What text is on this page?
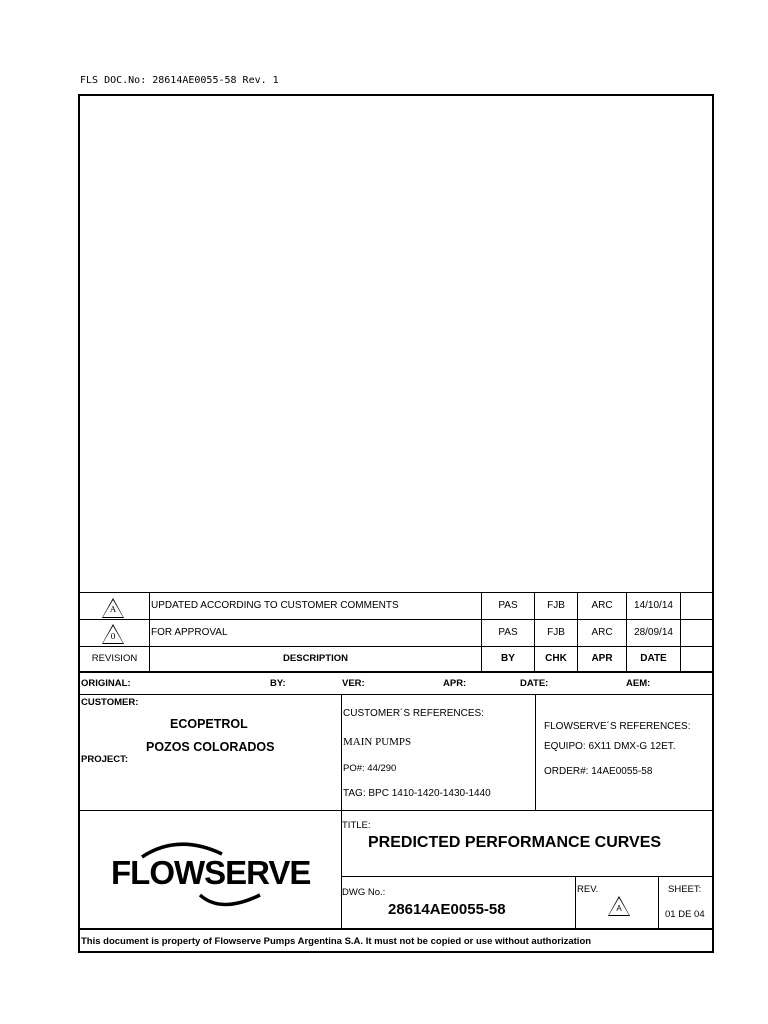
FLS DOC.No: 28614AE0055-58 Rev. 1
A	UPDATED ACCORDING TO CUSTOMER COMMENTS	PAS	FJB	ARC	14/10/14
0	FOR APPROVAL	PAS	FJB	ARC	28/09/14
REVISION	DESCRIPTION	BY	CHK	APR	DATE
ORIGINAL:	BY:	VER:	APR:	DATE:	AEM:
CUSTOMER:
ECOPETROL
POZOS COLORADOS
PROJECT:
CUSTOMER´S REFERENCES:
MAIN PUMPS
PO#: 44/290
TAG: BPC 1410-1420-1430-1440
FLOWSERVE´S REFERENCES:
EQUIPO: 6X11 DMX-G 12ET.
ORDER#: 14AE0055-58
FLOWSERVE
TITLE:
PREDICTED PERFORMANCE CURVES
DWG No.:
28614AE0055-58
REV.
A
SHEET:
01 DE 04
This document is property of Flowserve Pumps Argentina S.A. It must not be copied or use without authorization
